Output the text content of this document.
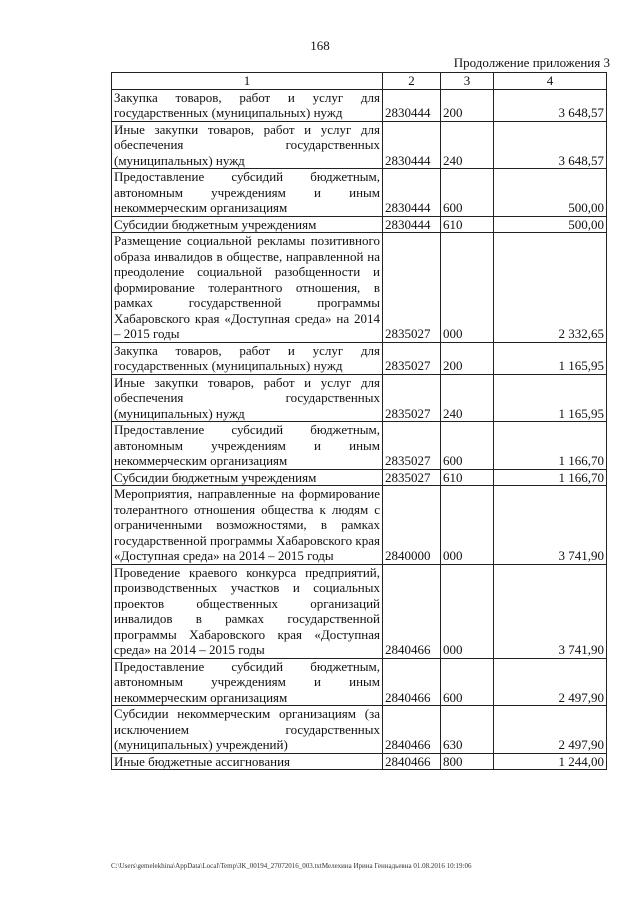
168
Продолжение приложения 3
1	2	3	4
Закупка товаров, работ и услуг для государственных (муниципальных) нужд	2830444	200	3 648,57
Иные закупки товаров, работ и услуг для обеспечения государственных (муниципальных) нужд	2830444	240	3 648,57
Предоставление субсидий бюджетным, автономным учреждениям и иным некоммерческим организациям	2830444	600	500,00
Субсидии бюджетным учреждениям	2830444	610	500,00
Размещение социальной рекламы позитивного образа инвалидов в обществе, направленной на преодоление социальной разобщенности и формирование толерантного отношения, в рамках государственной программы Хабаровского края «Доступная среда» на 2014 – 2015 годы	2835027	000	2 332,65
Закупка товаров, работ и услуг для государственных (муниципальных) нужд	2835027	200	1 165,95
Иные закупки товаров, работ и услуг для обеспечения государственных (муниципальных) нужд	2835027	240	1 165,95
Предоставление субсидий бюджетным, автономным учреждениям и иным некоммерческим организациям	2835027	600	1 166,70
Субсидии бюджетным учреждениям	2835027	610	1 166,70
Мероприятия, направленные на формирование толерантного отношения общества к людям с ограниченными возможностями, в рамках государственной программы Хабаровского края «Доступная среда» на 2014 – 2015 годы	2840000	000	3 741,90
Проведение краевого конкурса предприятий, производственных участков и социальных проектов общественных организаций инвалидов в рамках государственной программы Хабаровского края «Доступная среда» на 2014 – 2015 годы	2840466	000	3 741,90
Предоставление субсидий бюджетным, автономным учреждениям и иным некоммерческим организациям	2840466	600	2 497,90
Субсидии некоммерческим организациям (за исключением государственных (муниципальных) учреждений)	2840466	630	2 497,90
Иные бюджетные ассигнования	2840466	800	1 244,00
C:\Users\gemelekhina\AppData\Local\Temp\ЗК_00194_27072016_003.txtМелехина Ирина Геннадьевна 01.08.2016 10:19:06
